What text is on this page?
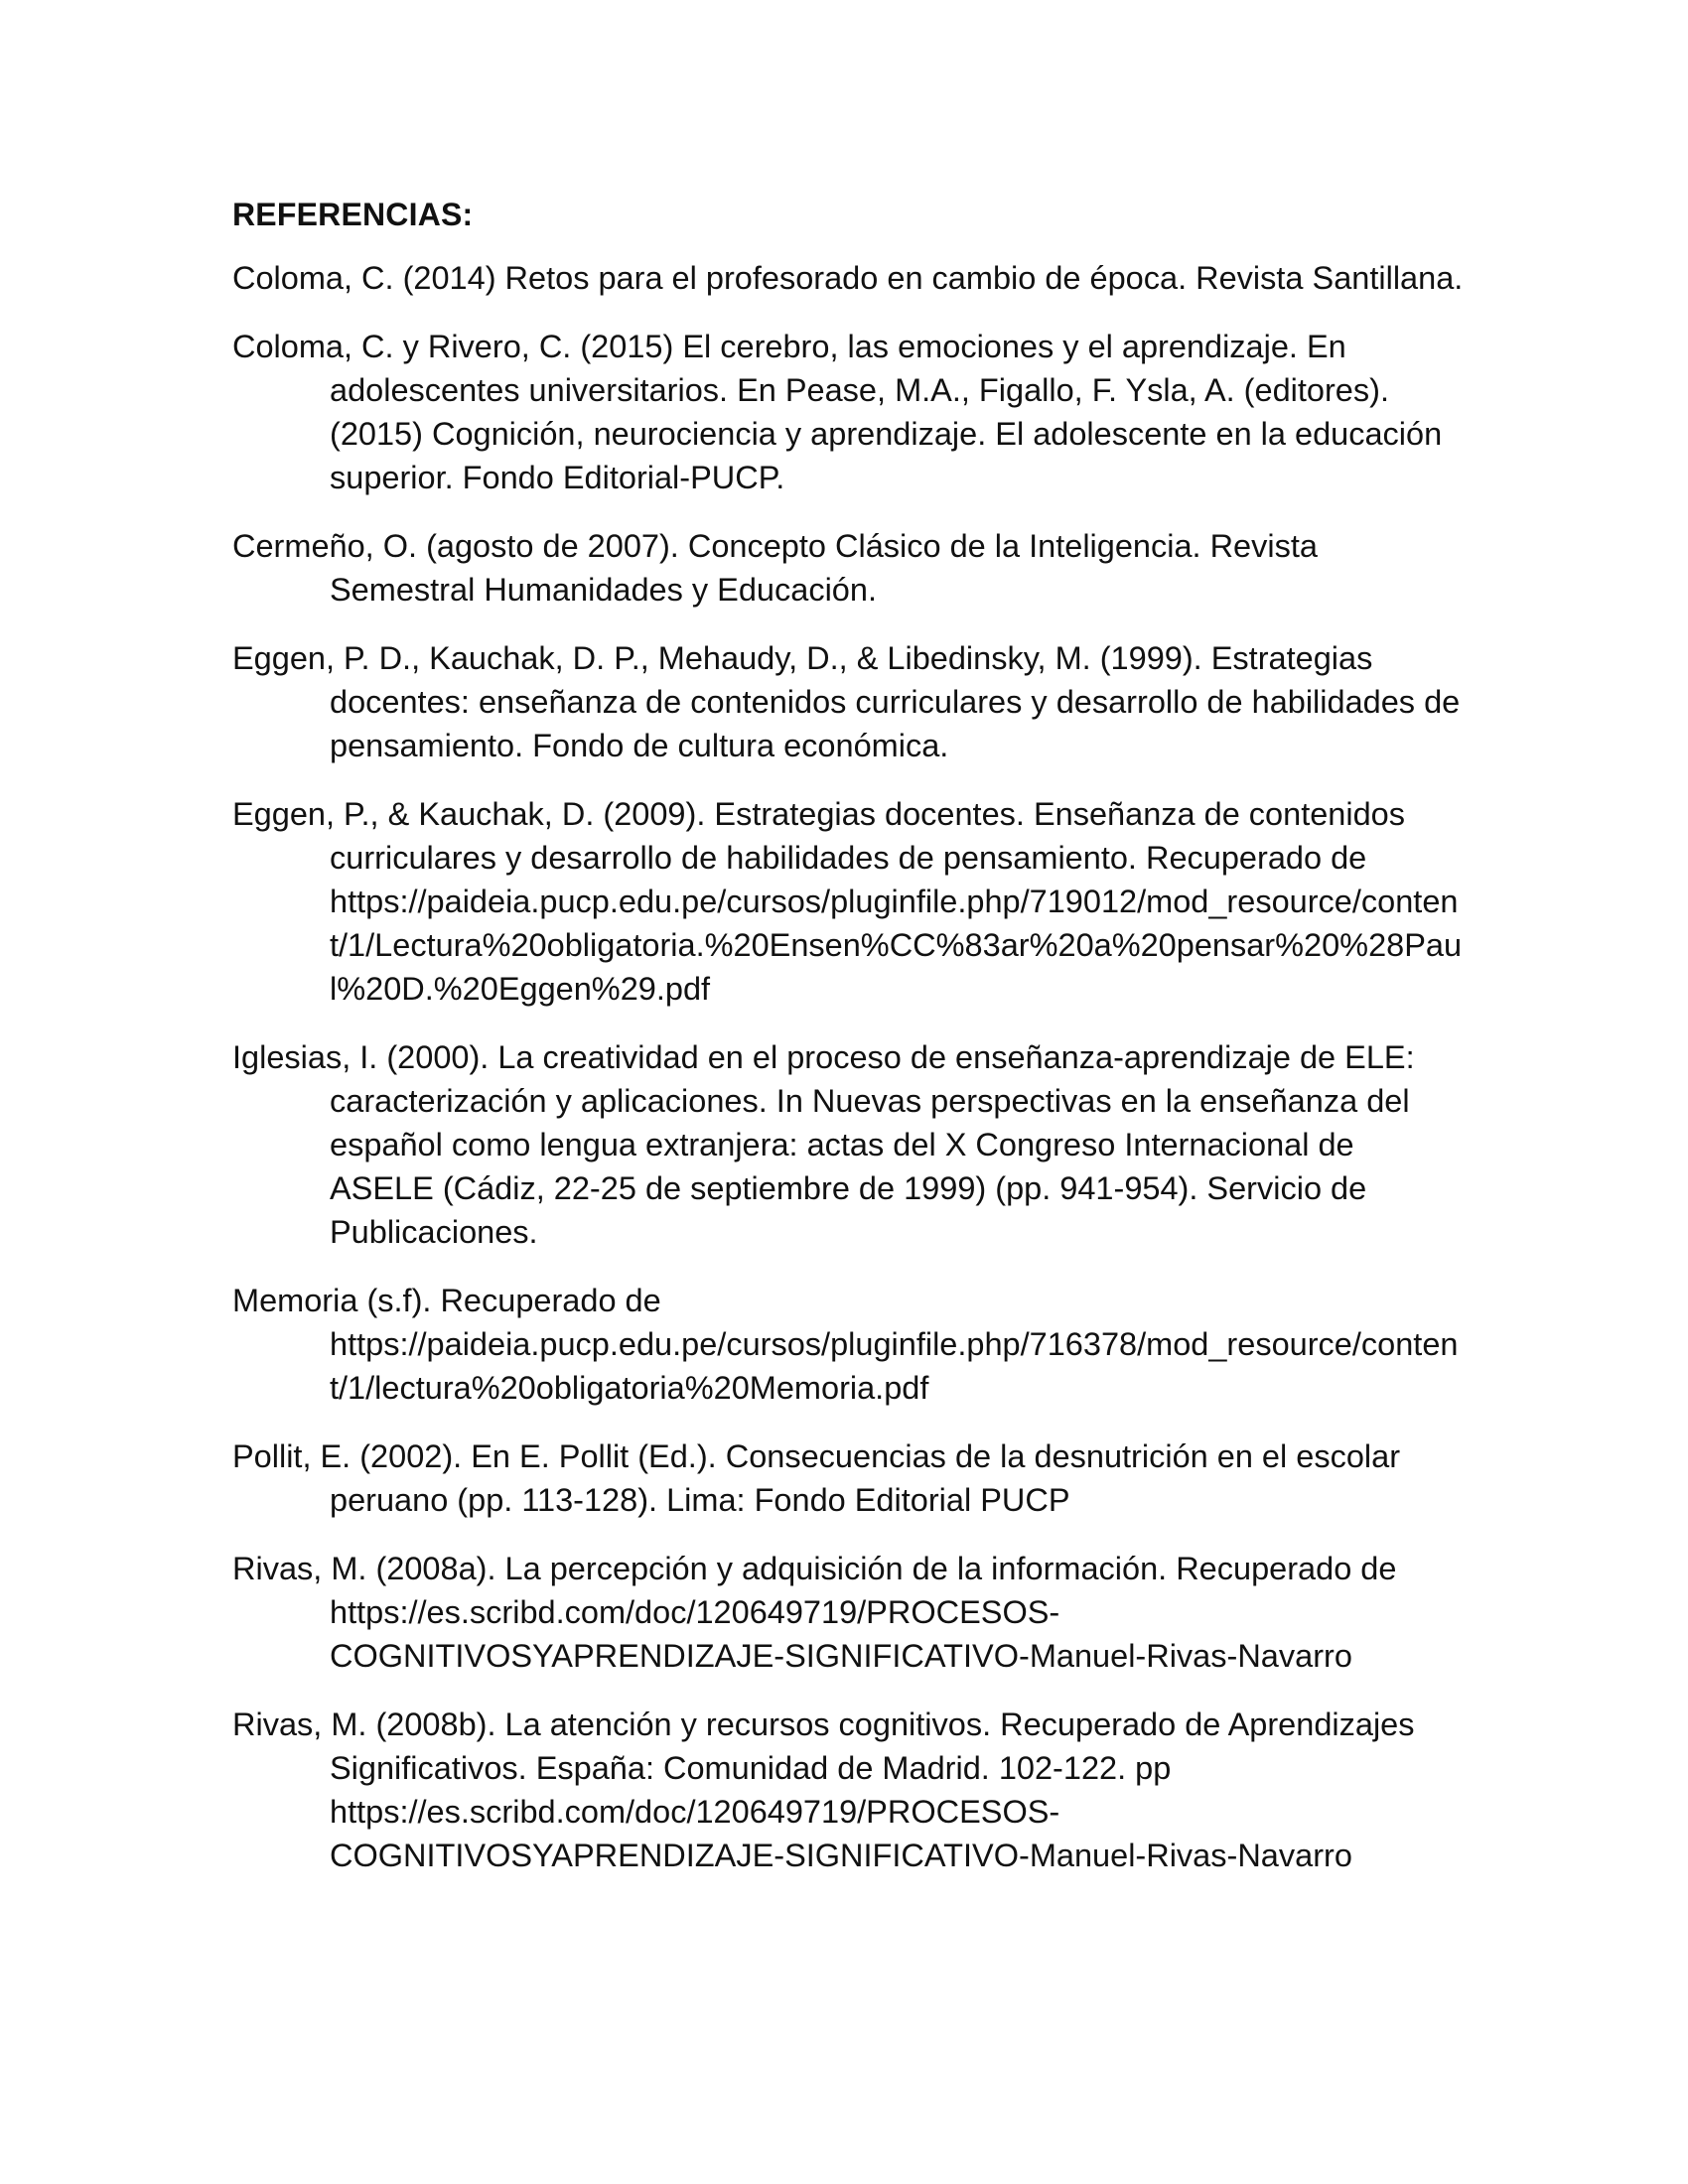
REFERENCIAS:
Coloma, C. (2014) Retos para el profesorado en cambio de época. Revista Santillana.
Coloma, C. y Rivero, C. (2015) El cerebro, las emociones y el aprendizaje. En adolescentes universitarios. En Pease, M.A., Figallo, F. Ysla, A. (editores). (2015) Cognición, neurociencia y aprendizaje. El adolescente en la educación superior. Fondo Editorial-PUCP.
Cermeño, O. (agosto de 2007). Concepto Clásico de la Inteligencia. Revista Semestral Humanidades y Educación.
Eggen, P. D., Kauchak, D. P., Mehaudy, D., & Libedinsky, M. (1999). Estrategias docentes: enseñanza de contenidos curriculares y desarrollo de habilidades de pensamiento. Fondo de cultura económica.
Eggen, P., & Kauchak, D. (2009). Estrategias docentes. Enseñanza de contenidos curriculares y desarrollo de habilidades de pensamiento. Recuperado de https://paideia.pucp.edu.pe/cursos/pluginfile.php/719012/mod_resource/content/1/Lectura%20obligatoria.%20Ensen%CC%83ar%20a%20pensar%20%28Paul%20D.%20Eggen%29.pdf
Iglesias, I. (2000). La creatividad en el proceso de enseñanza-aprendizaje de ELE: caracterización y aplicaciones. In Nuevas perspectivas en la enseñanza del español como lengua extranjera: actas del X Congreso Internacional de ASELE (Cádiz, 22-25 de septiembre de 1999) (pp. 941-954). Servicio de Publicaciones.
Memoria (s.f). Recuperado de https://paideia.pucp.edu.pe/cursos/pluginfile.php/716378/mod_resource/content/1/lectura%20obligatoria%20Memoria.pdf
Pollit, E. (2002). En E. Pollit (Ed.). Consecuencias de la desnutrición en el escolar peruano (pp. 113-128). Lima: Fondo Editorial PUCP
Rivas, M. (2008a). La percepción y adquisición de la información. Recuperado de https://es.scribd.com/doc/120649719/PROCESOS-COGNITIVOSYAPRENDIZAJE-SIGNIFICATIVO-Manuel-Rivas-Navarro
Rivas, M. (2008b). La atención y recursos cognitivos. Recuperado de Aprendizajes Significativos. España: Comunidad de Madrid. 102-122. pp https://es.scribd.com/doc/120649719/PROCESOS-COGNITIVOSYAPRENDIZAJE-SIGNIFICATIVO-Manuel-Rivas-Navarro
